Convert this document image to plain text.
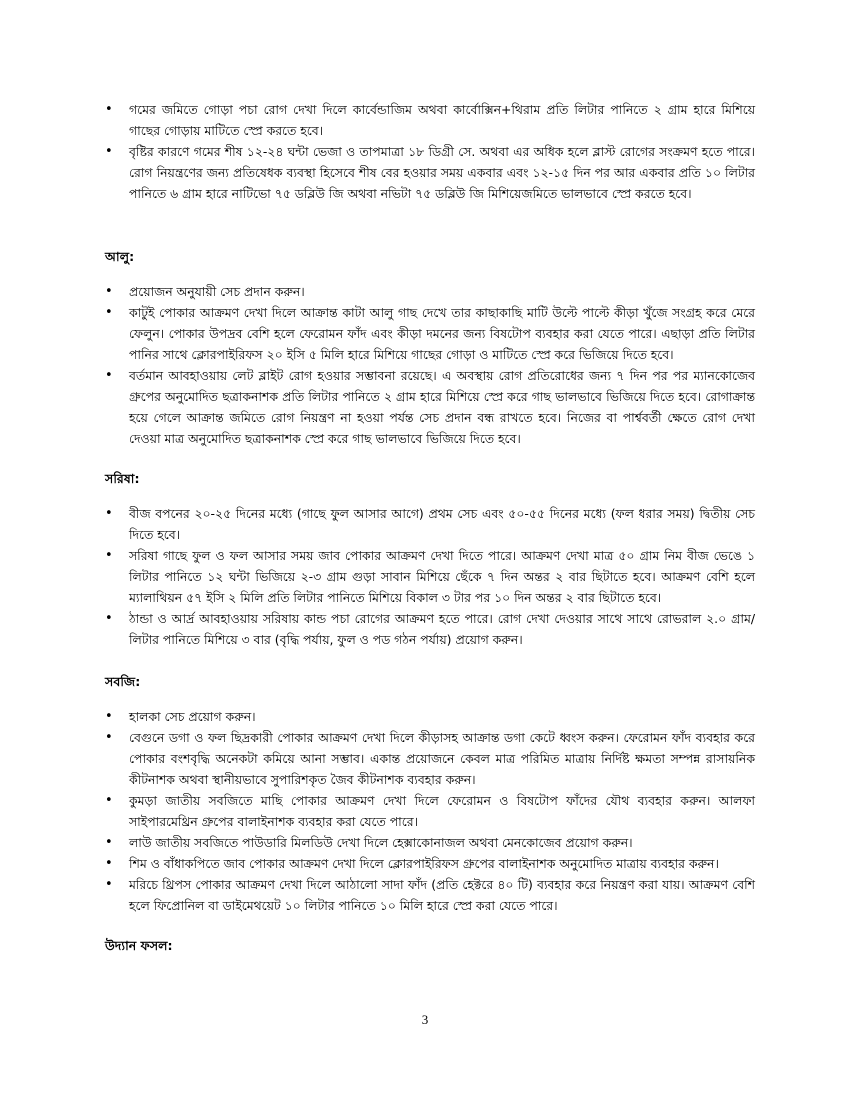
• গমের জমিতে গোড়া পচা রোগ দেখা দিলে কার্বেন্ডাজিম অথবা কার্বোক্সিন+থিরাম প্রতি লিটার পানিতে ২ গ্রাম হারে মিশিয়ে গাছের গোড়ায় মাটিতে স্প্রে করতে হবে।
• বৃষ্টির কারণে গমের শীষ ১২-২৪ ঘন্টা ভেজা ও তাপমাত্রা ১৮ ডিগ্রী সে. অথবা এর অধিক হলে ব্লাস্ট রোগের সংক্রমণ হতে পারে। রোগ নিয়ন্ত্রণের জন্য প্রতিষেধক ব্যবস্থা হিসেবে শীষ বের হওয়ার সময় একবার এবং ১২-১৫ দিন পর আর একবার প্রতি ১০ লিটার পানিতে ৬ গ্রাম হারে নাটিভো ৭৫ ডব্লিউ জি অথবা নভিটা ৭৫ ডব্লিউ জি মিশিয়েজমিতে ভালভাবে স্প্রে করতে হবে।
আলু:
• প্রয়োজন অনুযায়ী সেচ প্রদান করুন।
• কাটুই পোকার আক্রমণ দেখা দিলে আক্রান্ত কাটা আলু গাছ দেখে তার কাছাকাছি মাটি উল্টে পাল্টে কীড়া খুঁজে সংগ্রহ করে মেরে ফেলুন। পোকার উপদ্রব বেশি হলে ফেরোমন ফাঁদ এবং কীড়া দমনের জন্য বিষটোপ ব্যবহার করা যেতে পারে। এছাড়া প্রতি লিটার পানির সাথে ক্লোরপাইরিফস ২০ ইসি ৫ মিলি হারে মিশিয়ে গাছের গোড়া ও মাটিতে স্প্রে করে ভিজিয়ে দিতে হবে।
• বর্তমান আবহাওয়ায় লেট ব্লাইট রোগ হওয়ার সম্ভাবনা রয়েছে। এ অবস্থায় রোগ প্রতিরোধের জন্য ৭ দিন পর পর ম্যানকোজেব গ্রুপের অনুমোদিত ছত্রাকনাশক প্রতি লিটার পানিতে ২ গ্রাম হারে মিশিয়ে স্প্রে করে গাছ ভালভাবে ভিজিয়ে দিতে হবে। রোগাক্রান্ত হয়ে গেলে আক্রান্ত জমিতে রোগ নিয়ন্ত্রণ না হওয়া পর্যন্ত সেচ প্রদান বন্ধ রাখতে হবে। নিজের বা পার্শ্ববর্তী ক্ষেতে রোগ দেখা দেওয়া মাত্র অনুমোদিত ছত্রাকনাশক স্প্রে করে গাছ ভালভাবে ভিজিয়ে দিতে হবে।
সরিষা:
• বীজ বপনের ২০-২৫ দিনের মধ্যে (গাছে ফুল আসার আগে) প্রথম সেচ এবং ৫০-৫৫ দিনের মধ্যে (ফল ধরার সময়) দ্বিতীয় সেচ দিতে হবে।
• সরিষা গাছে ফুল ও ফল আসার সময় জাব পোকার আক্রমণ দেখা দিতে পারে। আক্রমণ দেখা মাত্র ৫০ গ্রাম নিম বীজ ভেঙে ১ লিটার পানিতে ১২ ঘন্টা ভিজিয়ে ২-৩ গ্রাম গুড়া সাবান মিশিয়ে ছেঁকে ৭ দিন অন্তর ২ বার ছিটাতে হবে। আক্রমণ বেশি হলে ম্যালাথিয়ন ৫৭ ইসি ২ মিলি প্রতি লিটার পানিতে মিশিয়ে বিকাল ৩ টার পর ১০ দিন অন্তর ২ বার ছিটাতে হবে।
• ঠান্ডা ও আর্দ্র আবহাওয়ায় সরিষায় কান্ড পচা রোগের আক্রমণ হতে পারে। রোগ দেখা দেওয়ার সাথে সাথে রোভরাল ২.০ গ্রাম/লিটার পানিতে মিশিয়ে ৩ বার (বৃদ্ধি পর্যায়, ফুল ও পড গঠন পর্যায়) প্রয়োগ করুন।
সবজি:
• হালকা সেচ প্রয়োগ করুন।
• বেগুনে ডগা ও ফল ছিদ্রকারী পোকার আক্রমণ দেখা দিলে কীড়াসহ আক্রান্ত ডগা কেটে ধ্বংস করুন। ফেরোমন ফাঁদ ব্যবহার করে পোকার বংশবৃদ্ধি অনেকটা কমিয়ে আনা সম্ভাব। একান্ত প্রয়োজনে কেবল মাত্র পরিমিত মাত্রায় নির্দিষ্ট ক্ষমতা সম্পন্ন রাসায়নিক কীটনাশক অথবা স্থানীয়ভাবে সুপারিশকৃত জৈব কীটনাশক ব্যবহার করুন।
• কুমড়া জাতীয় সবজিতে মাছি পোকার আক্রমণ দেখা দিলে ফেরোমন ও বিষটোপ ফাঁদের যৌথ ব্যবহার করুন। আলফা সাইপারমেথ্রিন গ্রুপের বালাইনাশক ব্যবহার করা যেতে পারে।
• লাউ জাতীয় সবজিতে পাউডারি মিলডিউ দেখা দিলে হেক্সাকোনাজল অথবা মেনকোজেব প্রয়োগ করুন।
• শিম ও বাঁধাকপিতে জাব পোকার আক্রমণ দেখা দিলে ক্লোরপাইরিফস গ্রুপের বালাইনাশক অনুমোদিত মাত্রায় ব্যবহার করুন।
• মরিচে থ্রিপস পোকার আক্রমণ দেখা দিলে আঠালো সাদা ফাঁদ (প্রতি হেক্টরে ৪০ টি) ব্যবহার করে নিয়ন্ত্রণ করা যায়। আক্রমণ বেশি হলে ফিপ্রোনিল বা ডাইমেথয়েট ১০ লিটার পানিতে ১০ মিলি হারে স্প্রে করা যেতে পারে।
উদ্যান ফসল:
3
